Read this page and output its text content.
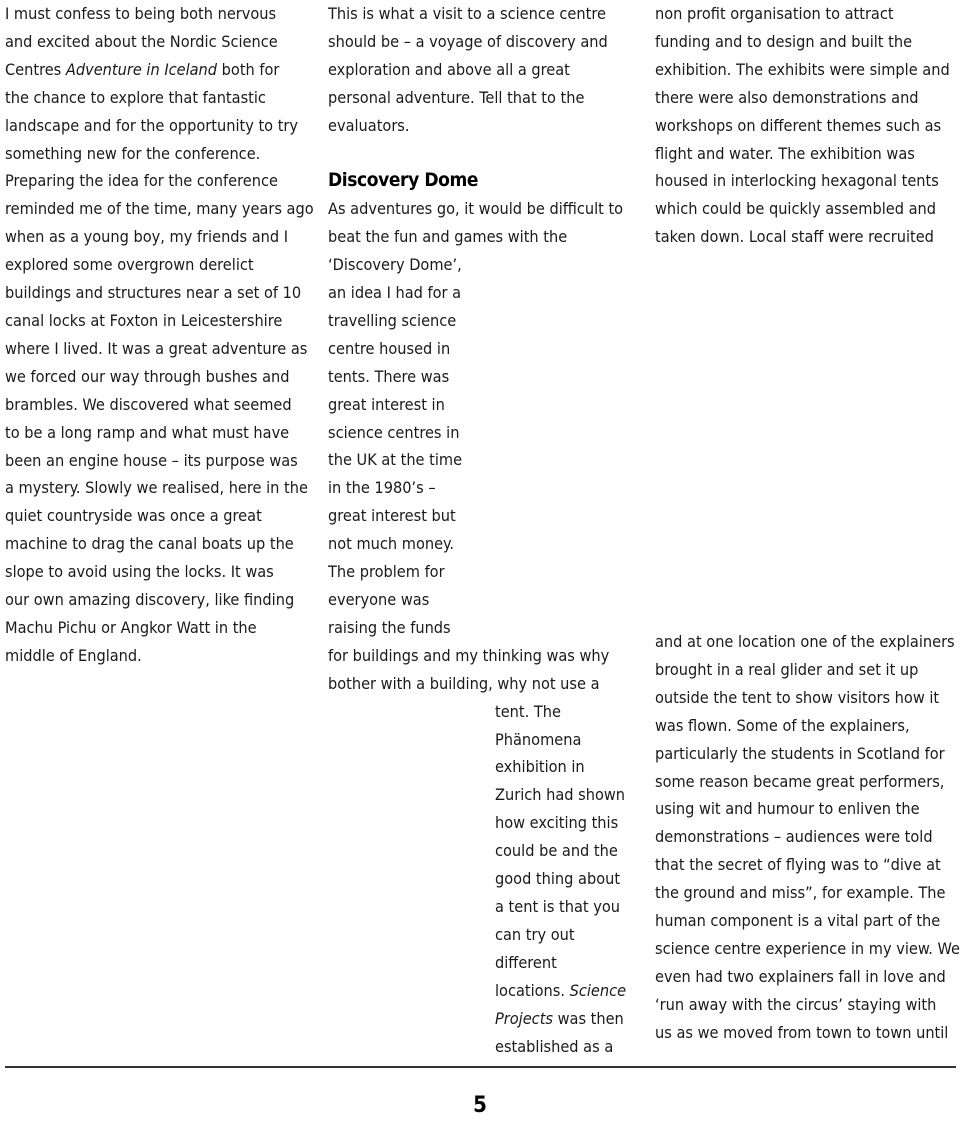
I must confess to being both nervous
and excited about the Nordic Science
Centres Adventure in Iceland both for
the chance to explore that fantastic
landscape and for the opportunity to try
something new for the conference.
Preparing the idea for the conference
reminded me of the time, many years ago
when as a young boy, my friends and I
explored some overgrown derelict
buildings and structures near a set of 10
canal locks at Foxton in Leicestershire
where I lived. It was a great adventure as
we forced our way through bushes and
brambles. We discovered what seemed
to be a long ramp and what must have
been an engine house – its purpose was
a mystery. Slowly we realised, here in the
quiet countryside was once a great
machine to drag the canal boats up the
slope to avoid using the locks. It was
our own amazing discovery, like finding
Machu Pichu or Angkor Watt in the
middle of England.
This is what a visit to a science centre
should be – a voyage of discovery and
exploration and above all a great
personal adventure. Tell that to the
evaluators.
Discovery Dome
As adventures go, it would be difficult to
beat the fun and games with the
‘Discovery Dome’,
an idea I had for a
travelling science
centre housed in
tents. There was
great interest in
science centres in
the UK at the time
in the 1980’s –
great interest but
not much money.
The problem for
everyone was
raising the funds
for buildings and my thinking was why
bother with a building, why not use a
tent. The
Phänomena
exhibition in
Zurich had shown
how exciting this
could be and the
good thing about
a tent is that you
can try out
different
locations. Science
Projects was then
established as a
non profit organisation to attract
funding and to design and built the
exhibition. The exhibits were simple and
there were also demonstrations and
workshops on different themes such as
flight and water. The exhibition was
housed in interlocking hexagonal tents
which could be quickly assembled and
taken down. Local staff were recruited
and at one location one of the explainers
brought in a real glider and set it up
outside the tent to show visitors how it
was flown. Some of the explainers,
particularly the students in Scotland for
some reason became great performers,
using wit and humour to enliven the
demonstrations – audiences were told
that the secret of flying was to “dive at
the ground and miss”, for example. The
human component is a vital part of the
science centre experience in my view. We
even had two explainers fall in love and
‘run away with the circus’ staying with
us as we moved from town to town until
5
